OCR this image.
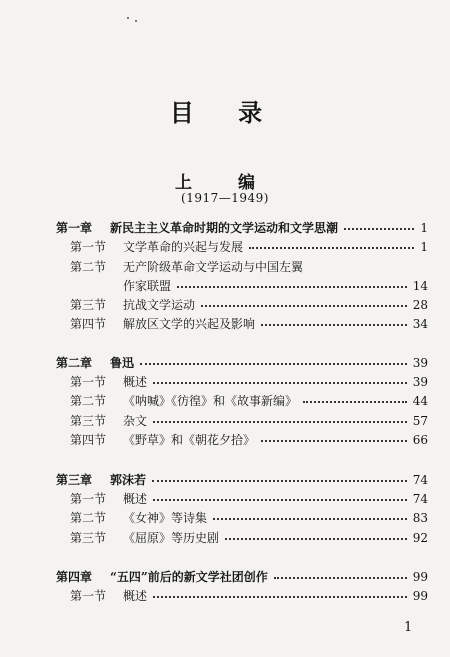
目 录
上 编
(1917—1949)
第一章 新民主主义革命时期的文学运动和文学思潮	1
第一节 文学革命的兴起与发展	1
第二节 无产阶级革命文学运动与中国左翼
作家联盟	14
第三节 抗战文学运动	28
第四节 解放区文学的兴起及影响	34
第二章 鲁迅	39
第一节 概述	39
第二节 《呐喊》《彷徨》和《故事新编》	44
第三节 杂文	57
第四节 《野草》和《朝花夕拾》	66
第三章 郭沫若	74
第一节 概述	74
第二节 《女神》等诗集	83
第三节 《屈原》等历史剧	92
第四章 “五四”前后的新文学社团创作	99
第一节 概述	99
1
